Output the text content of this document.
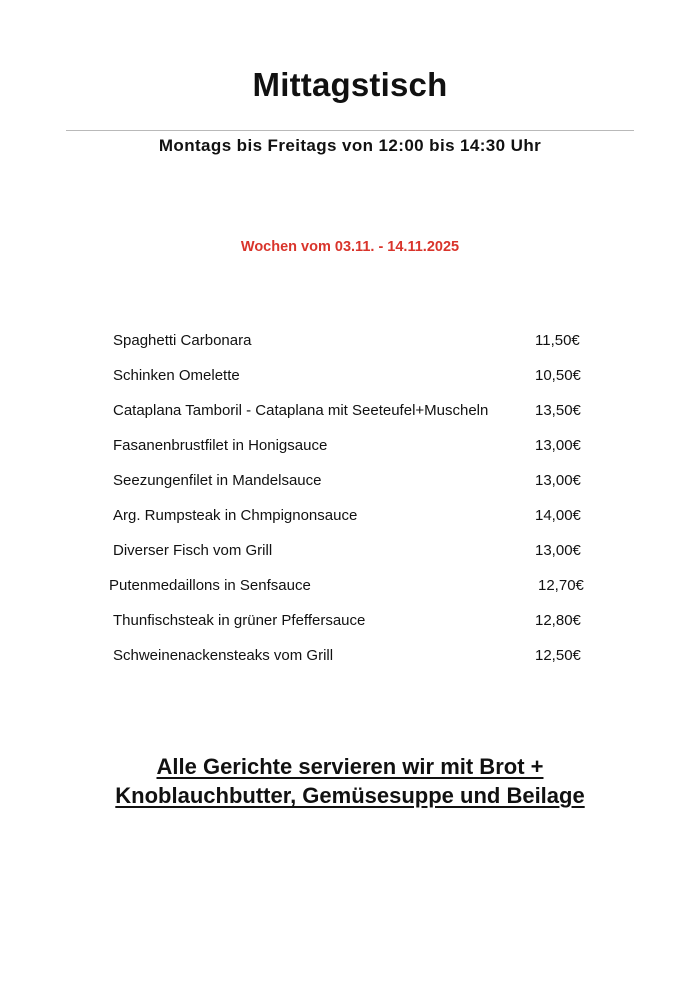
Mittagstisch
Montags bis Freitags von 12:00 bis 14:30 Uhr
Wochen vom 03.11. - 14.11.2025
Spaghetti Carbonara	11,50€
Schinken Omelette	10,50€
Cataplana Tamboril - Cataplana mit Seeteufel+Muscheln	13,50€
Fasanenbrustfilet in Honigsauce	13,00€
Seezungenfilet in Mandelsauce	13,00€
Arg. Rumpsteak in Chmpignonsauce	14,00€
Diverser Fisch vom Grill	13,00€
Putenmedaillons in Senfsauce	12,70€
Thunfischsteak in grüner Pfeffersauce	12,80€
Schweinenackensteaks vom Grill	12,50€
Alle Gerichte servieren wir mit Brot +
Knoblauchbutter, Gemüsesuppe und Beilage
